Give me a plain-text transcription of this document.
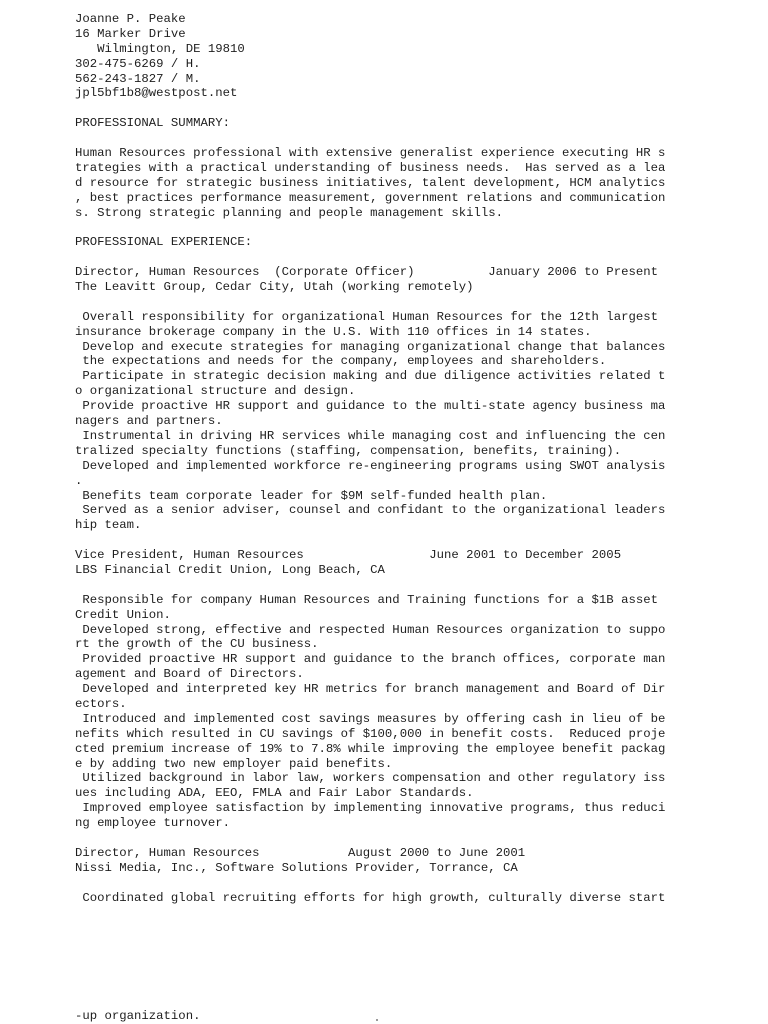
Joanne P. Peake
16 Marker Drive
Wilmington, DE 19810
302-475-6269 / H.
562-243-1827 / M.
jpl5bf1b8@westpost.net
PROFESSIONAL SUMMARY:
Human Resources professional with extensive generalist experience executing HR s
trategies with a practical understanding of business needs.  Has served as a lea
d resource for strategic business initiatives, talent development, HCM analytics
, best practices performance measurement, government relations and communication
s. Strong strategic planning and people management skills.
PROFESSIONAL EXPERIENCE:
Director, Human Resources  (Corporate Officer)          January 2006 to Present
The Leavitt Group, Cedar City, Utah (working remotely)
Overall responsibility for organizational Human Resources for the 12th largest
insurance brokerage company in the U.S. With 110 offices in 14 states.
Develop and execute strategies for managing organizational change that balances
the expectations and needs for the company, employees and shareholders.
Participate in strategic decision making and due diligence activities related t
o organizational structure and design.
Provide proactive HR support and guidance to the multi-state agency business ma
nagers and partners.
Instrumental in driving HR services while managing cost and influencing the cen
tralized specialty functions (staffing, compensation, benefits, training).
Developed and implemented workforce re-engineering programs using SWOT analysis
.
Benefits team corporate leader for $9M self-funded health plan.
Served as a senior adviser, counsel and confidant to the organizational leaders
hip team.
Vice President, Human Resources                 June 2001 to December 2005
LBS Financial Credit Union, Long Beach, CA
Responsible for company Human Resources and Training functions for a $1B asset
Credit Union.
Developed strong, effective and respected Human Resources organization to suppo
rt the growth of the CU business.
Provided proactive HR support and guidance to the branch offices, corporate man
agement and Board of Directors.
Developed and interpreted key HR metrics for branch management and Board of Dir
ectors.
Introduced and implemented cost savings measures by offering cash in lieu of be
nefits which resulted in CU savings of $100,000 in benefit costs.  Reduced proje
cted premium increase of 19% to 7.8% while improving the employee benefit packag
e by adding two new employer paid benefits.
Utilized background in labor law, workers compensation and other regulatory iss
ues including ADA, EEO, FMLA and Fair Labor Standards.
Improved employee satisfaction by implementing innovative programs, thus reduci
ng employee turnover.
Director, Human Resources            August 2000 to June 2001
Nissi Media, Inc., Software Solutions Provider, Torrance, CA
Coordinated global recruiting efforts for high growth, culturally diverse start
-up organization.
